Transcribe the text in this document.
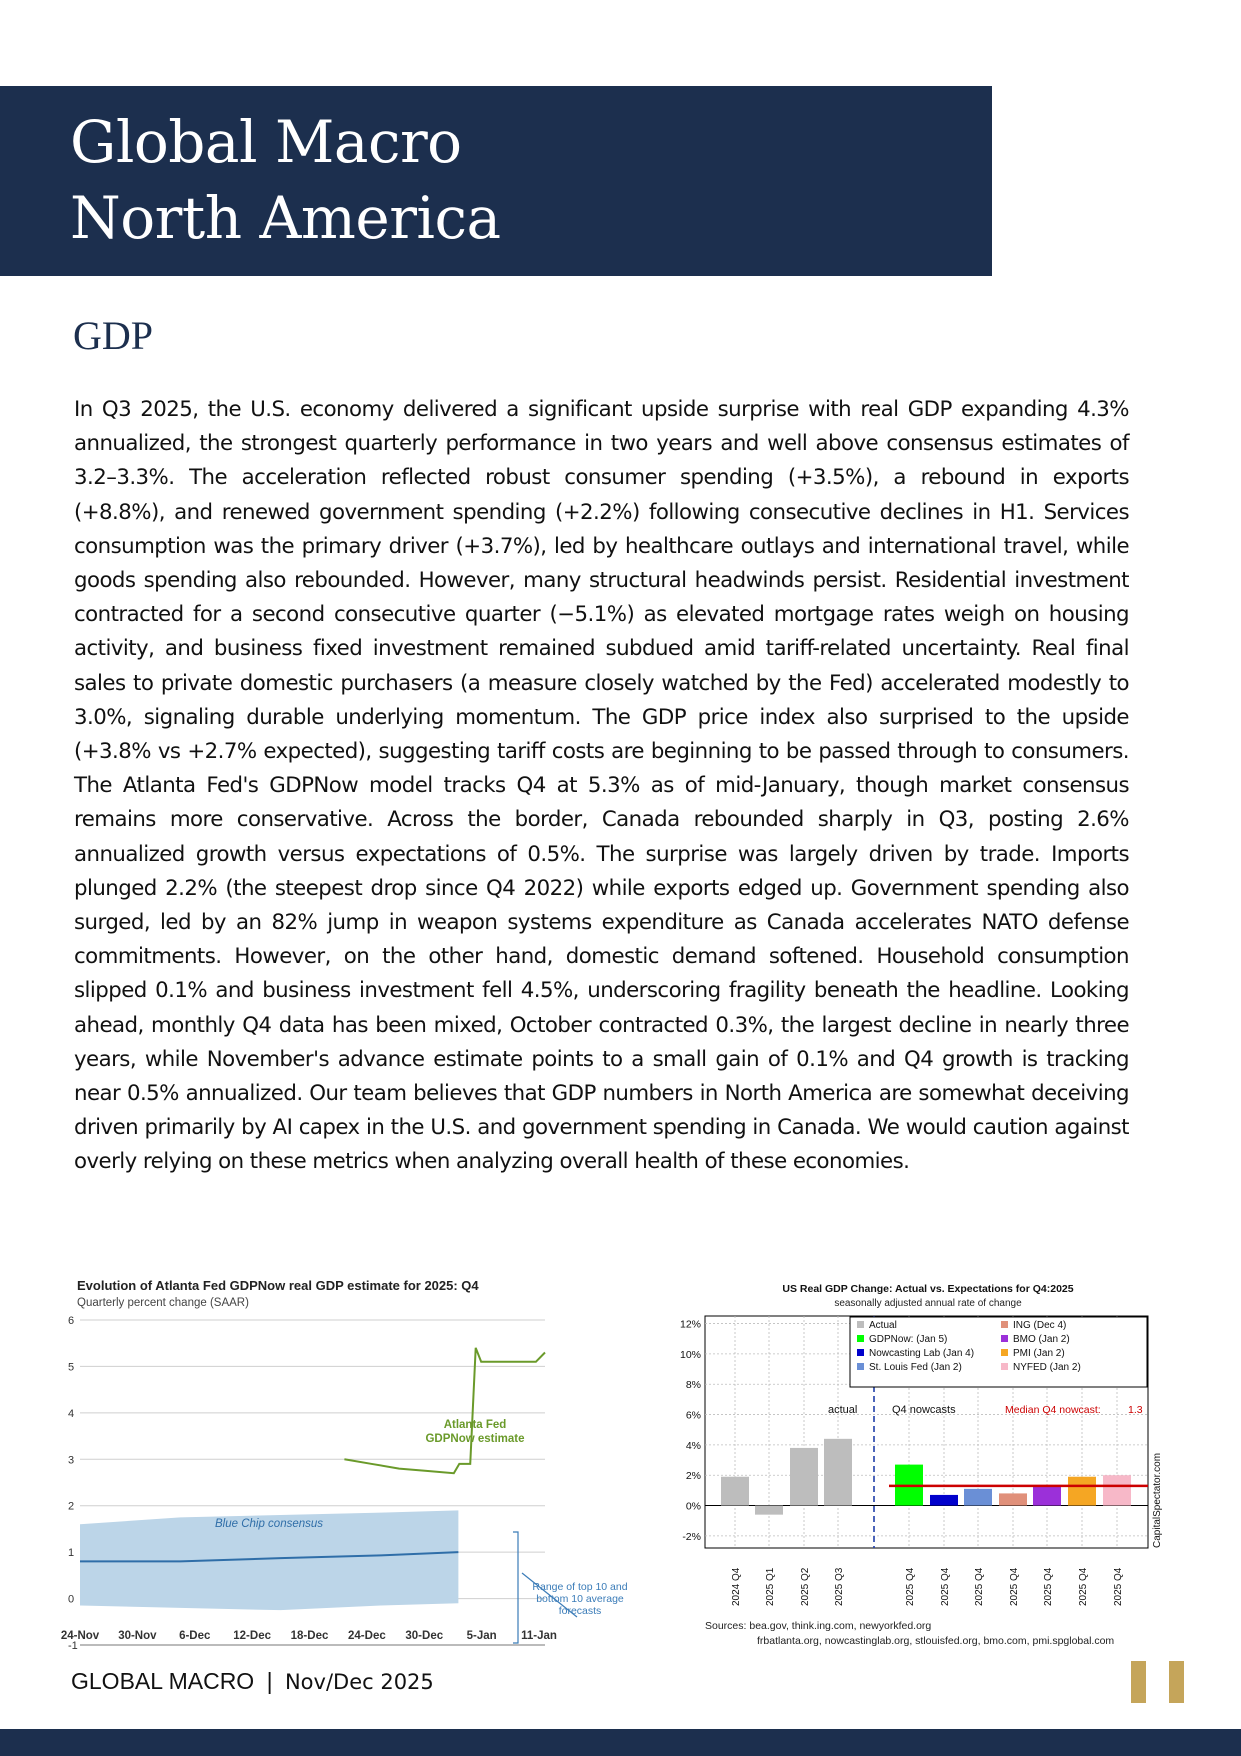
Global Macro
North America
GDP
In Q3 2025, the U.S. economy delivered a significant upside surprise with real GDP expanding 4.3% annualized, the strongest quarterly performance in two years and well above consensus estimates of 3.2–3.3%. The acceleration reflected robust consumer spending (+3.5%), a rebound in exports (+8.8%), and renewed government spending (+2.2%) following consecutive declines in H1. Services consumption was the primary driver (+3.7%), led by healthcare outlays and international travel, while goods spending also rebounded. However, many structural headwinds persist. Residential investment contracted for a second consecutive quarter (−5.1%) as elevated mortgage rates weigh on housing activity, and business fixed investment remained subdued amid tariff-related uncertainty. Real final sales to private domestic purchasers (a measure closely watched by the Fed) accelerated modestly to 3.0%, signaling durable underlying momentum. The GDP price index also surprised to the upside (+3.8% vs +2.7% expected), suggesting tariff costs are beginning to be passed through to consumers. The Atlanta Fed's GDPNow model tracks Q4 at 5.3% as of mid-January, though market consensus remains more conservative. Across the border, Canada rebounded sharply in Q3, posting 2.6% annualized growth versus expectations of 0.5%. The surprise was largely driven by trade. Imports plunged 2.2% (the steepest drop since Q4 2022) while exports edged up. Government spending also surged, led by an 82% jump in weapon systems expenditure as Canada accelerates NATO defense commitments. However, on the other hand, domestic demand softened. Household consumption slipped 0.1% and business investment fell 4.5%, underscoring fragility beneath the headline. Looking ahead, monthly Q4 data has been mixed, October contracted 0.3%, the largest decline in nearly three years, while November's advance estimate points to a small gain of 0.1% and Q4 growth is tracking near 0.5% annualized. Our team believes that GDP numbers in North America are somewhat deceiving driven primarily by AI capex in the U.S. and government spending in Canada. We would caution against overly relying on these metrics when analyzing overall health of these economies.
Evolution of Atlanta Fed GDPNow real GDP estimate for 2025: Q4
Quarterly percent change (SAAR)
-1
0
1
2
3
4
5
6
24-Nov 30-Nov 6-Dec 12-Dec 18-Dec 24-Dec 30-Dec 5-Jan 11-Jan
Atlanta Fed GDPNow estimate
Blue Chip consensus
Range of top 10 and bottom 10 average forecasts
US Real GDP Change: Actual vs. Expectations for Q4:2025
seasonally adjusted annual rate of change
12%
10%
8%
6%
4%
2%
0%
-2%
actual	Q4 nowcasts	Median Q4 nowcast:	1.3
Actual	ING (Dec 4)
GDPNow: (Jan 5)	BMO (Jan 2)
Nowcasting Lab (Jan 4)	PMI (Jan 2)
St. Louis Fed (Jan 2)	NYFED (Jan 2)
2024 Q4 2025 Q1 2025 Q2 2025 Q3	2025 Q4 2025 Q4 2025 Q4 2025 Q4 2025 Q4 2025 Q4 2025 Q4
CapitalSpectator.com
Sources: bea.gov, think.ing.com, newyorkfed.org
frbatlanta.org, nowcastinglab.org, stlouisfed.org, bmo.com, pmi.spglobal.com
GLOBAL MACRO | Nov/Dec 2025
